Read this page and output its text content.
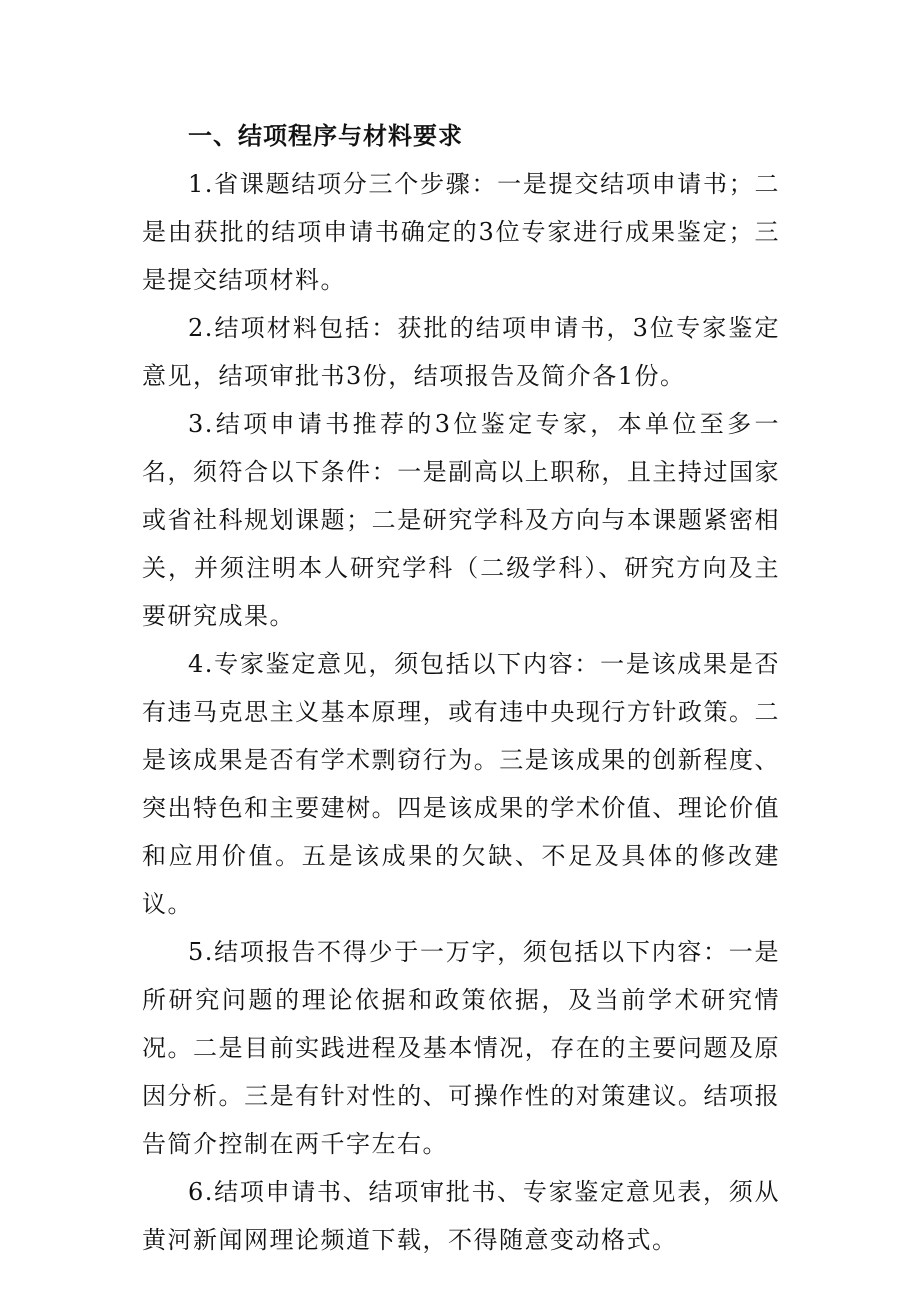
一、结项程序与材料要求

1.省课题结项分三个步骤：一是提交结项申请书；二是由获批的结项申请书确定的3位专家进行成果鉴定；三是提交结项材料。

2.结项材料包括：获批的结项申请书，3位专家鉴定意见，结项审批书3份，结项报告及简介各1份。

3.结项申请书推荐的3位鉴定专家，本单位至多一名，须符合以下条件：一是副高以上职称，且主持过国家或省社科规划课题；二是研究学科及方向与本课题紧密相关，并须注明本人研究学科（二级学科）、研究方向及主要研究成果。

4.专家鉴定意见，须包括以下内容：一是该成果是否有违马克思主义基本原理，或有违中央现行方针政策。二是该成果是否有学术剽窃行为。三是该成果的创新程度、突出特色和主要建树。四是该成果的学术价值、理论价值和应用价值。五是该成果的欠缺、不足及具体的修改建议。

5.结项报告不得少于一万字，须包括以下内容：一是所研究问题的理论依据和政策依据，及当前学术研究情况。二是目前实践进程及基本情况，存在的主要问题及原因分析。三是有针对性的、可操作性的对策建议。结项报告简介控制在两千字左右。

6.结项申请书、结项审批书、专家鉴定意见表，须从黄河新闻网理论频道下载，不得随意变动格式。
